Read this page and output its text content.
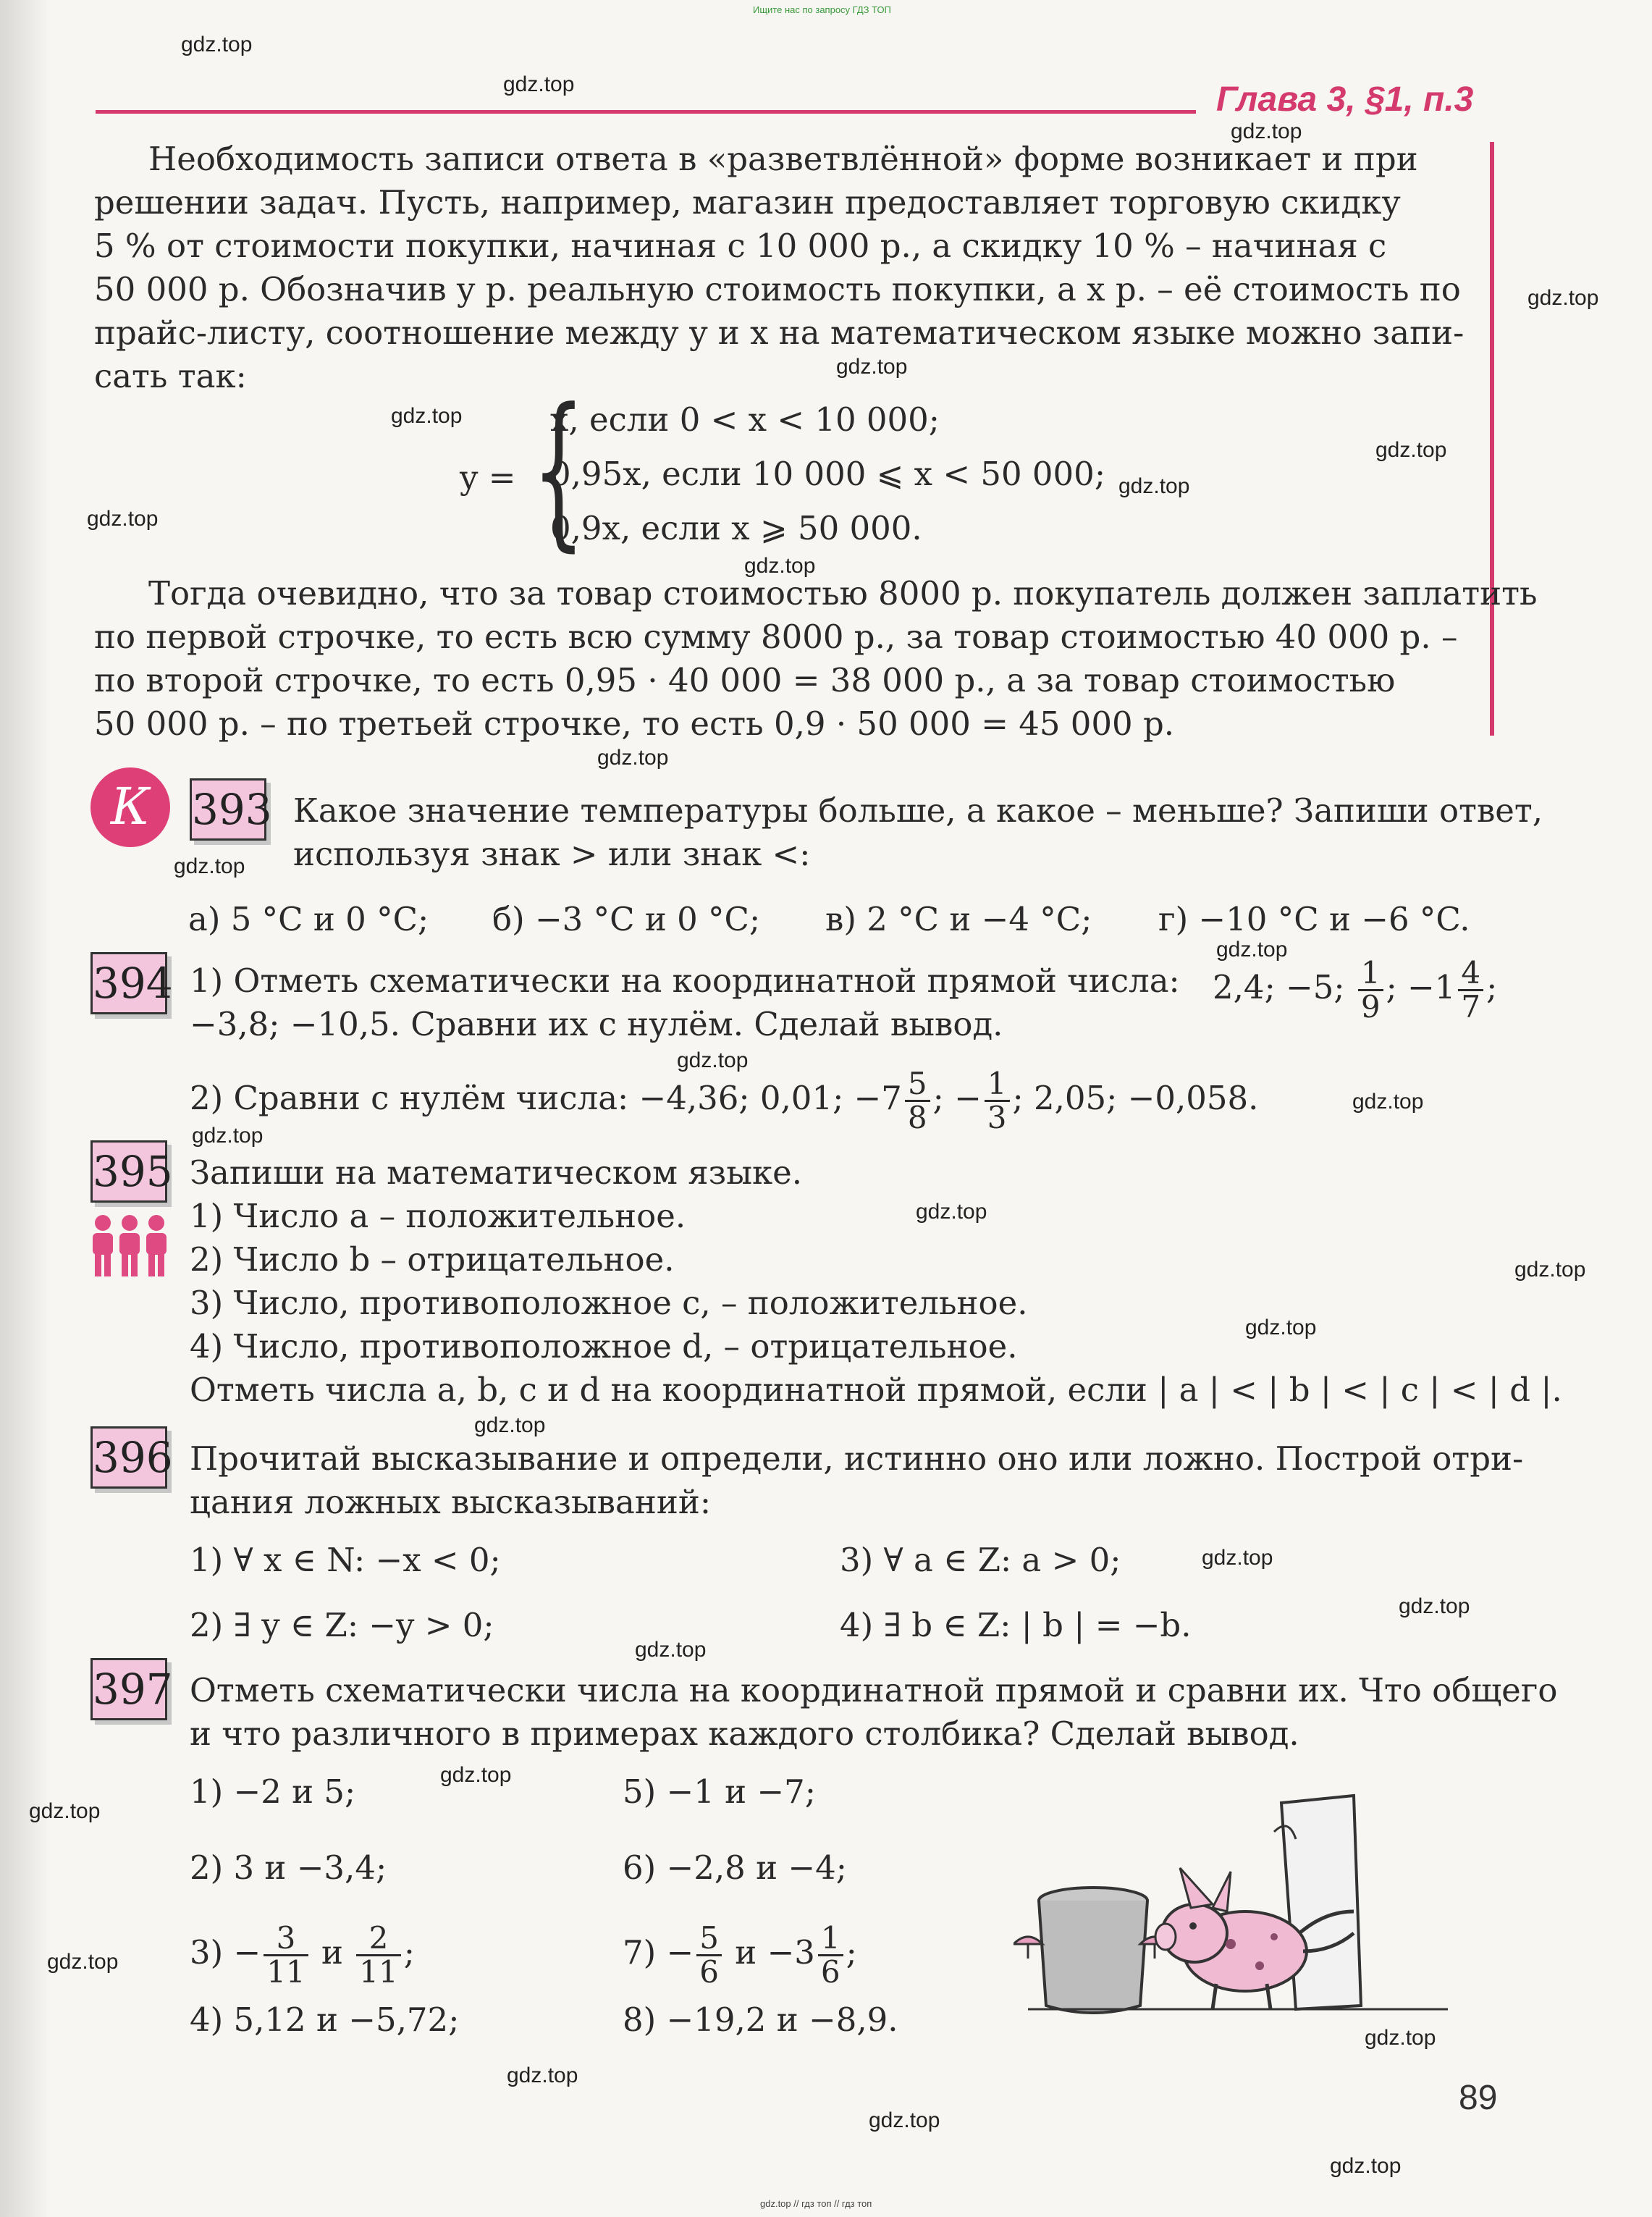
Ищите нас по запросу ГДЗ ТОП
gdz.top // гдз топ // гдз топ
Глава 3, §1, п.3
Необходимость записи ответа в «разветвлённой» форме возникает и при
решении задач. Пусть, например, магазин предоставляет торговую скидку
5 % от стоимости покупки, начиная с 10 000 р., а скидку 10 % – начиная с
50 000 р. Обозначив y р. реальную стоимость покупки, а x р. – её стоимость по
прайс-листу, соотношение между y и x на математическом языке можно запи-
сать так:
y = {
x, если 0 < x < 10 000;
0,95x, если 10 000 ⩽ x < 50 000;
0,9x, если x ⩾ 50 000.
Тогда очевидно, что за товар стоимостью 8000 р. покупатель должен заплатить
по первой строчке, то есть всю сумму 8000 р., за товар стоимостью 40 000 р. –
по второй строчке, то есть 0,95 · 40 000 = 38 000 р., а за товар стоимостью
50 000 р. – по третьей строчке, то есть 0,9 · 50 000 = 45 000 р.
К 393 Какое значение температуры больше, а какое – меньше? Запиши ответ,
используя знак > или знак <:
а) 5 °C и 0 °C; б) −3 °C и 0 °C; в) 2 °C и −4 °C; г) −10 °C и −6 °C.
394 1) Отметь схематически на координатной прямой числа: 2,4; −5; $\frac{1}{9}$ ; $-1 \frac{4}{7}$ ;
−3,8; −10,5. Сравни их с нулём. Сделай вывод.
2) Сравни с нулём числа: −4,36; 0,01; $-7 \frac{5}{8}$ ; − $\frac{1}{3}$ ; 2,05; −0,058.
395 Запиши на математическом языке.
1) Число a – положительное.
2) Число b – отрицательное.
3) Число, противоположное c, – положительное.
4) Число, противоположное d, – отрицательное.
Отметь числа a, b, c и d на координатной прямой, если | a | < | b | < | c | < | d |.
396 Прочитай высказывание и определи, истинно оно или ложно. Построй отри-
цания ложных высказываний:
1) ∀ x ∈ N: −x < 0;	3) ∀ a ∈ Z: a > 0;
2) ∃ y ∈ Z: −y > 0;	4) ∃ b ∈ Z: | b | = −b.
397 Отметь схематически числа на координатной прямой и сравни их. Что общего
и что различного в примерах каждого столбика? Сделай вывод.
1) −2 и 5;
2) 3 и −3,4;
$3) - \frac{3}{11}$ и $\frac{2}{11}$ ;
4) 5,12 и −5,72;
5) −1 и −7;
6) −2,8 и −4;
$7) - \frac{5}{6}$ $и -3 \frac{1}{6}$ ;
8) −19,2 и −8,9.
89
gdz.top
gdz.top
gdz.top
gdz.top
gdz.top
gdz.top
gdz.top
gdz.top
gdz.top
gdz.top
gdz.top
gdz.top
gdz.top
gdz.top
gdz.top
gdz.top
gdz.top
gdz.top
gdz.top
gdz.top
gdz.top
gdz.top
gdz.top
gdz.top
gdz.top
gdz.top
gdz.top
gdz.top
gdz.top
gdz.top
